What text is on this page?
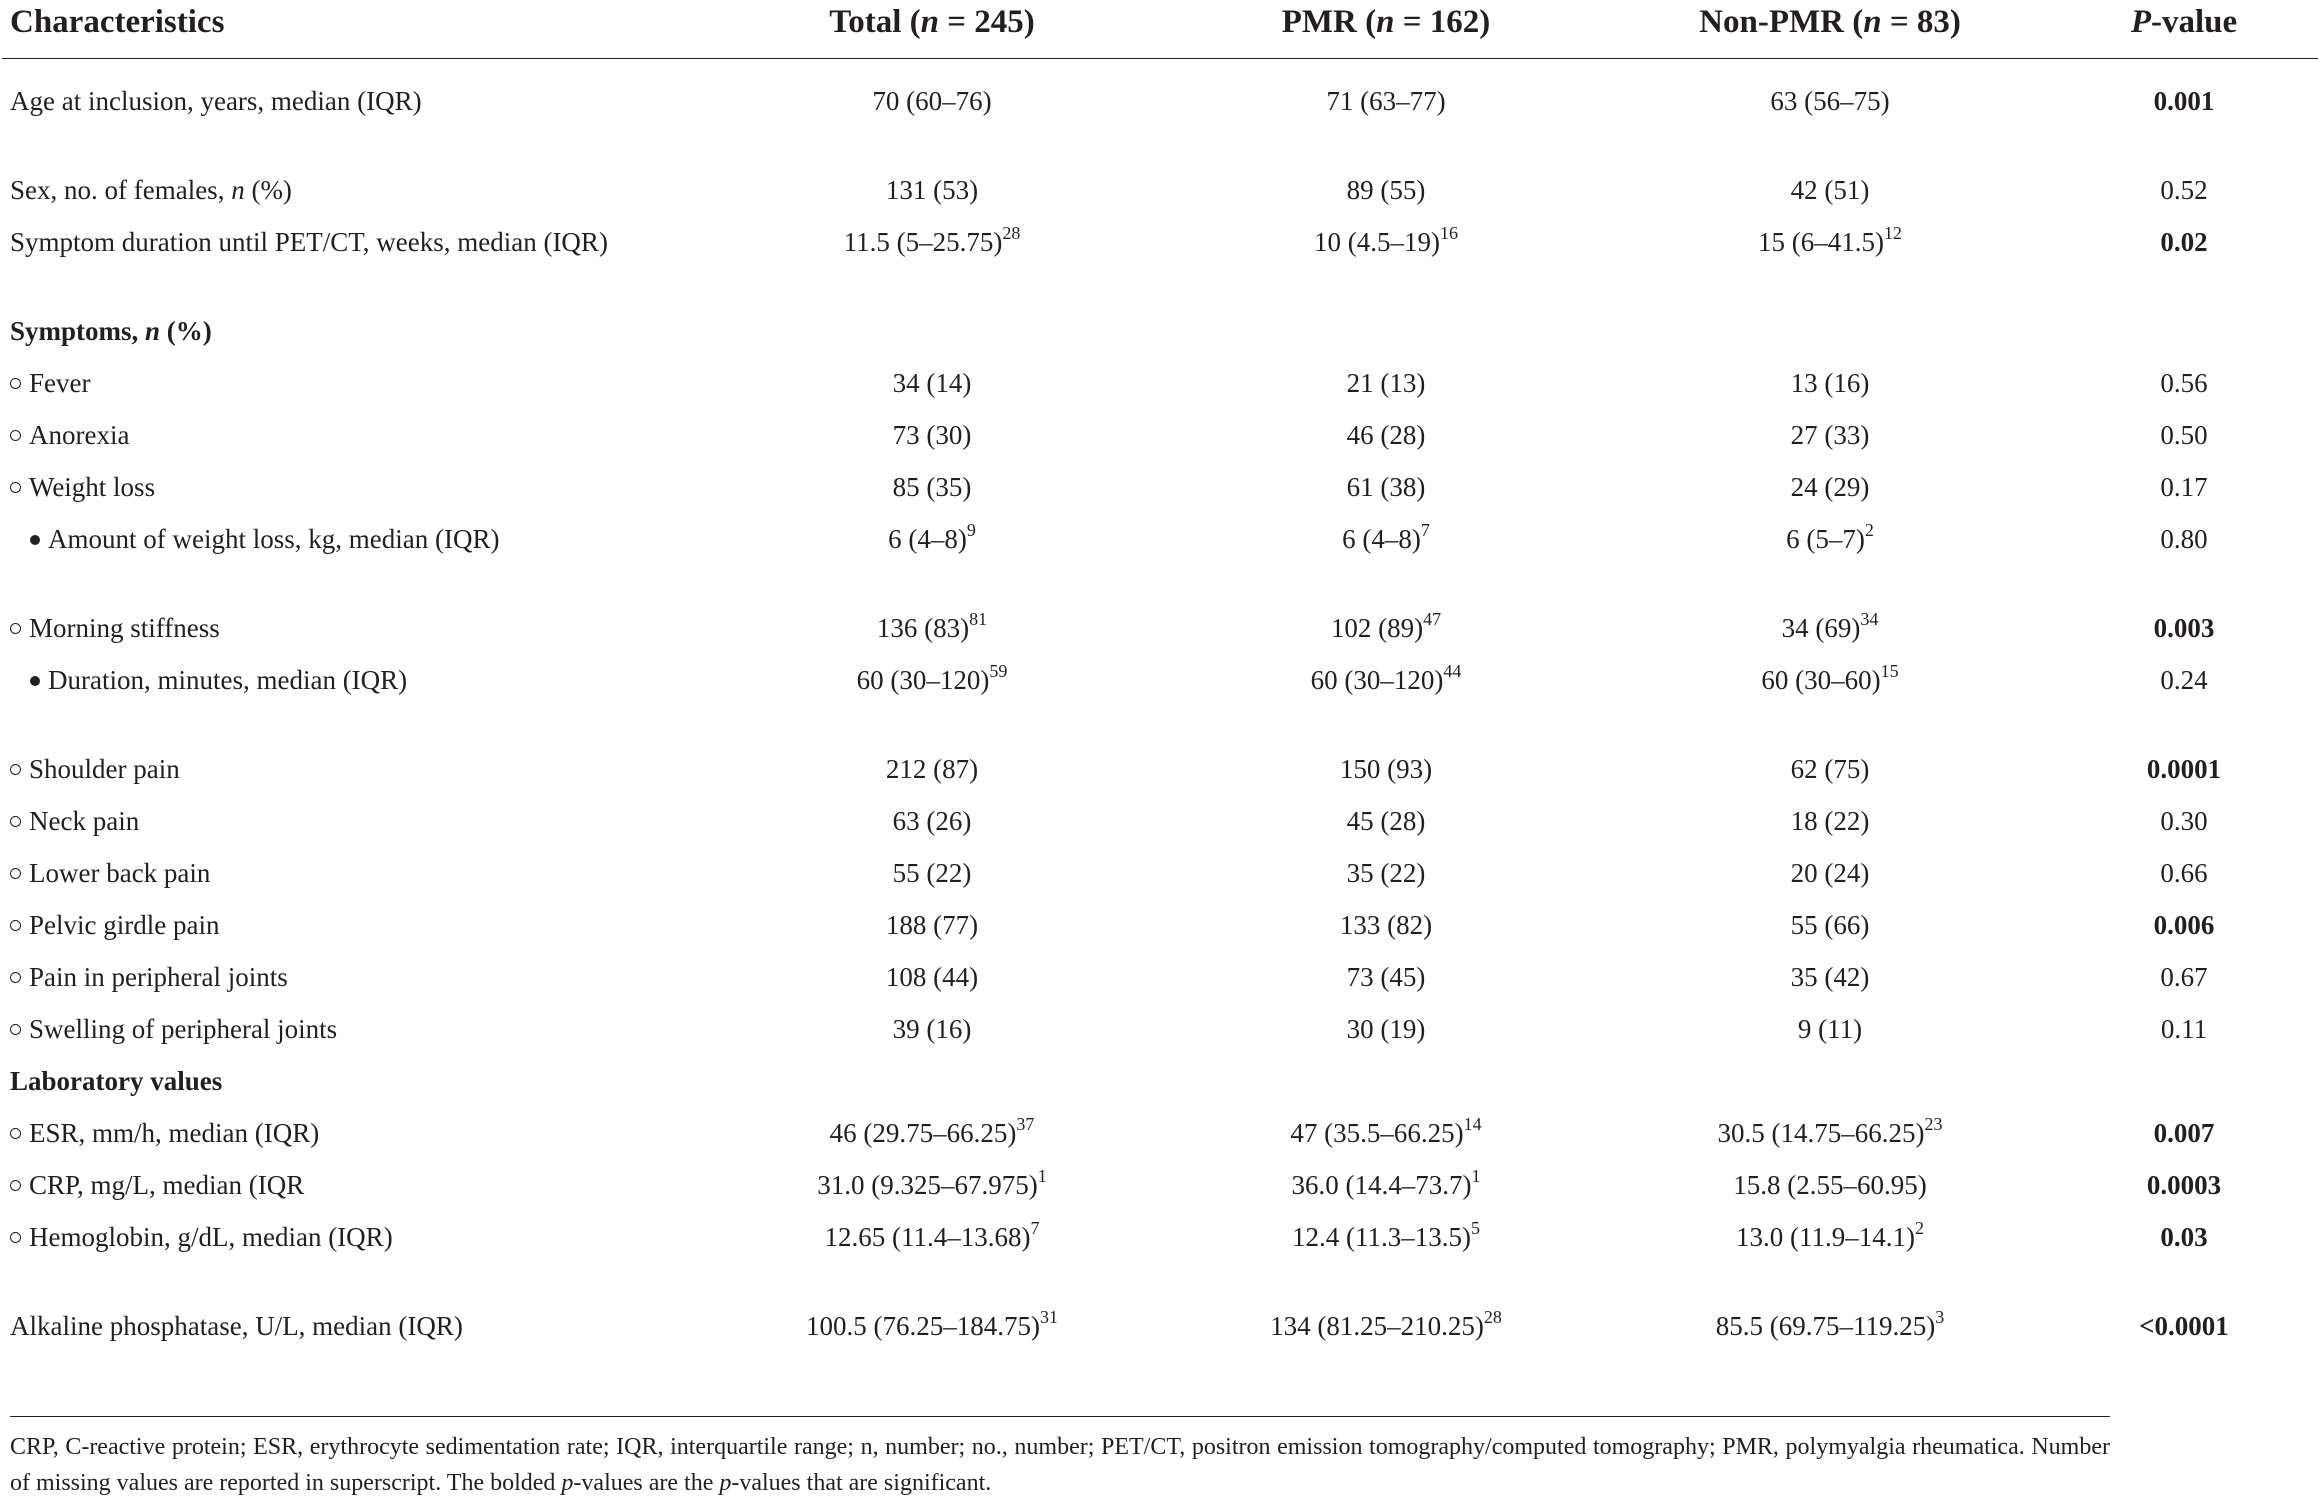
Characteristics	Total (n = 245)	PMR (n = 162)	Non-PMR (n = 83)	P-value
Age at inclusion, years, median (IQR)	70 (60–76)	71 (63–77)	63 (56–75)	0.001
Sex, no. of females, n (%)	131 (53)	89 (55)	42 (51)	0.52
Symptom duration until PET/CT, weeks, median (IQR)	11.5 $(5-25.75)^{28}$	10 $(4.5-19)^{16}$	15 $(6-41.5)^{12}$	0.02
Symptoms, n (%)				
Fever	34 (14)	21 (13)	13 (16)	0.56
Anorexia	73 (30)	46 (28)	27 (33)	0.50
Weight loss	85 (35)	61 (38)	24 (29)	0.17
Amount of weight loss, kg, median (IQR)	6 $(4-8)^9$	6 $(4-8)^7$	6 $(5-7)^2$	0.80
Morning stiffness	136 $(83)^{81}$	102 $(89)^{47}$	34 $(69)^{34}$	0.003
Duration, minutes, median (IQR)	60 $(30-120)^{59}$	60 $(30-120)^{44}$	60 $(30-60)^{15}$	0.24
Shoulder pain	212 (87)	150 (93)	62 (75)	0.0001
Neck pain	63 (26)	45 (28)	18 (22)	0.30
Lower back pain	55 (22)	35 (22)	20 (24)	0.66
Pelvic girdle pain	188 (77)	133 (82)	55 (66)	0.006
Pain in peripheral joints	108 (44)	73 (45)	35 (42)	0.67
Swelling of peripheral joints	39 (16)	30 (19)	9 (11)	0.11
Laboratory values				
ESR, mm/h, median (IQR)	46 $(29.75-66.25)^{37}$	47 $(35.5-66.25)^{14}$	30.5 $(14.75-66.25)^{23}$	0.007
CRP, mg/L, median (IQR	31.0 $(9.325-67.975)^1$	36.0 $(14.4-73.7)^1$	15.8 (2.55–60.95)	0.0003
Hemoglobin, g/dL, median (IQR)	12.65 $(11.4-13.68)^7$	12.4 $(11.3-13.5)^5$	13.0 $(11.9-14.1)^2$	0.03
Alkaline phosphatase, U/L, median (IQR)	100.5 $(76.25-184.75)^{31}$	134 $(81.25-210.25)^{28}$	85.5 $(69.75-119.25)^3$	<0.0001
CRP, C-reactive protein; ESR, erythrocyte sedimentation rate; IQR, interquartile range; n, number; no., number; PET/CT, positron emission tomography/computed tomography; PMR, polymyalgia rheumatica. Number of missing values are reported in superscript. The bolded p-values are the p-values that are significant.
